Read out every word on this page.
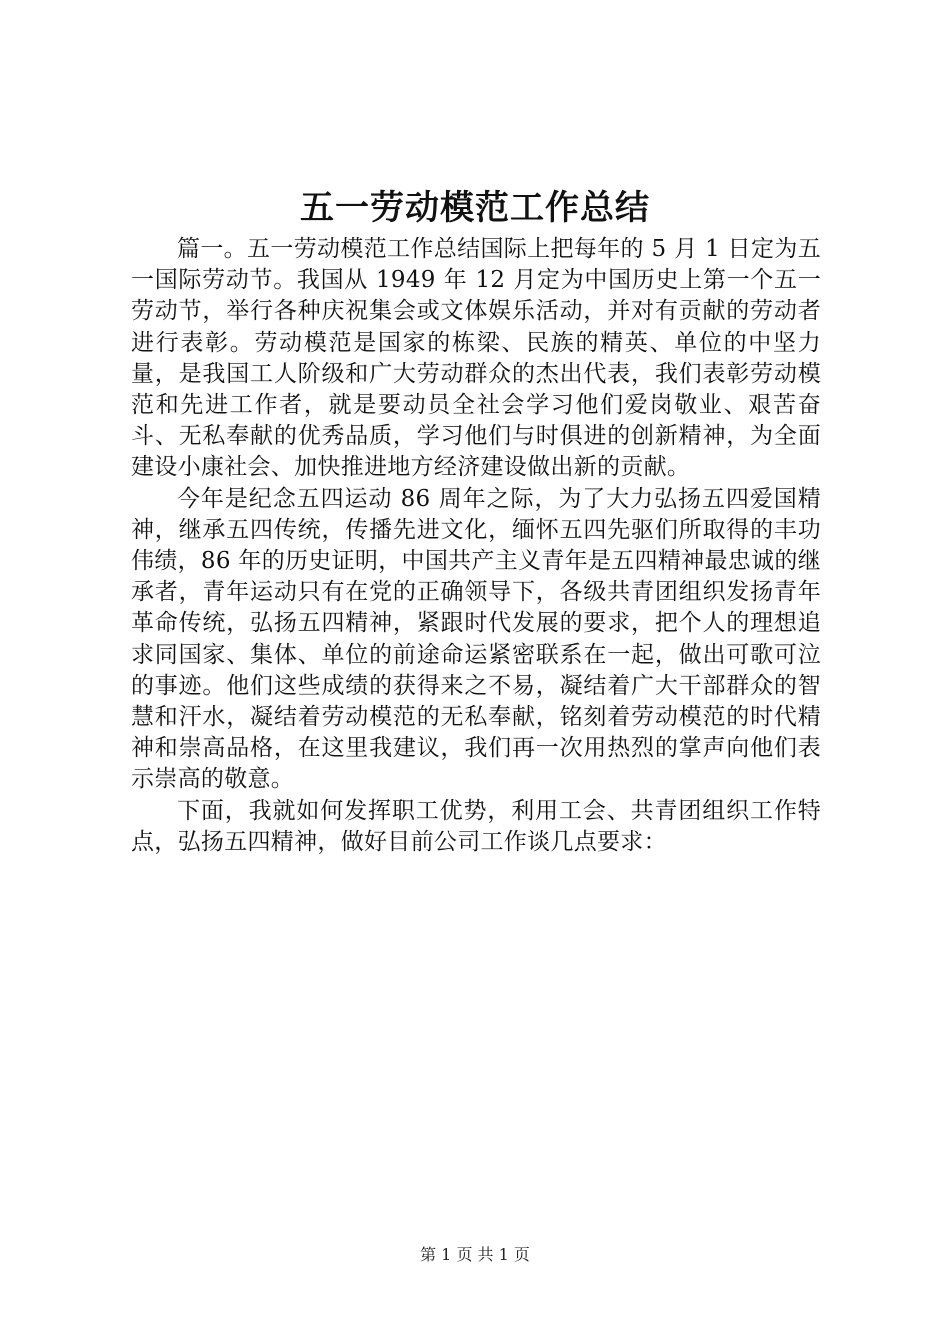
五一劳动模范工作总结

篇一。五一劳动模范工作总结国际上把每年的 5 月 1 日定为五一国际劳动节。我国从 1949 年 12 月定为中国历史上第一个五一劳动节，举行各种庆祝集会或文体娱乐活动，并对有贡献的劳动者进行表彰。劳动模范是国家的栋梁、民族的精英、单位的中坚力量，是我国工人阶级和广大劳动群众的杰出代表，我们表彰劳动模范和先进工作者，就是要动员全社会学习他们爱岗敬业、艰苦奋斗、无私奉献的优秀品质，学习他们与时俱进的创新精神，为全面建设小康社会、加快推进地方经济建设做出新的贡献。

今年是纪念五四运动 86 周年之际，为了大力弘扬五四爱国精神，继承五四传统，传播先进文化，缅怀五四先驱们所取得的丰功伟绩，86 年的历史证明，中国共产主义青年是五四精神最忠诚的继承者，青年运动只有在党的正确领导下，各级共青团组织发扬青年革命传统，弘扬五四精神，紧跟时代发展的要求，把个人的理想追求同国家、集体、单位的前途命运紧密联系在一起，做出可歌可泣的事迹。他们这些成绩的获得来之不易，凝结着广大干部群众的智慧和汗水，凝结着劳动模范的无私奉献，铭刻着劳动模范的时代精神和崇高品格，在这里我建议，我们再一次用热烈的掌声向他们表示崇高的敬意。

下面，我就如何发挥职工优势，利用工会、共青团组织工作特点，弘扬五四精神，做好目前公司工作谈几点要求：

第 1 页 共 1 页
